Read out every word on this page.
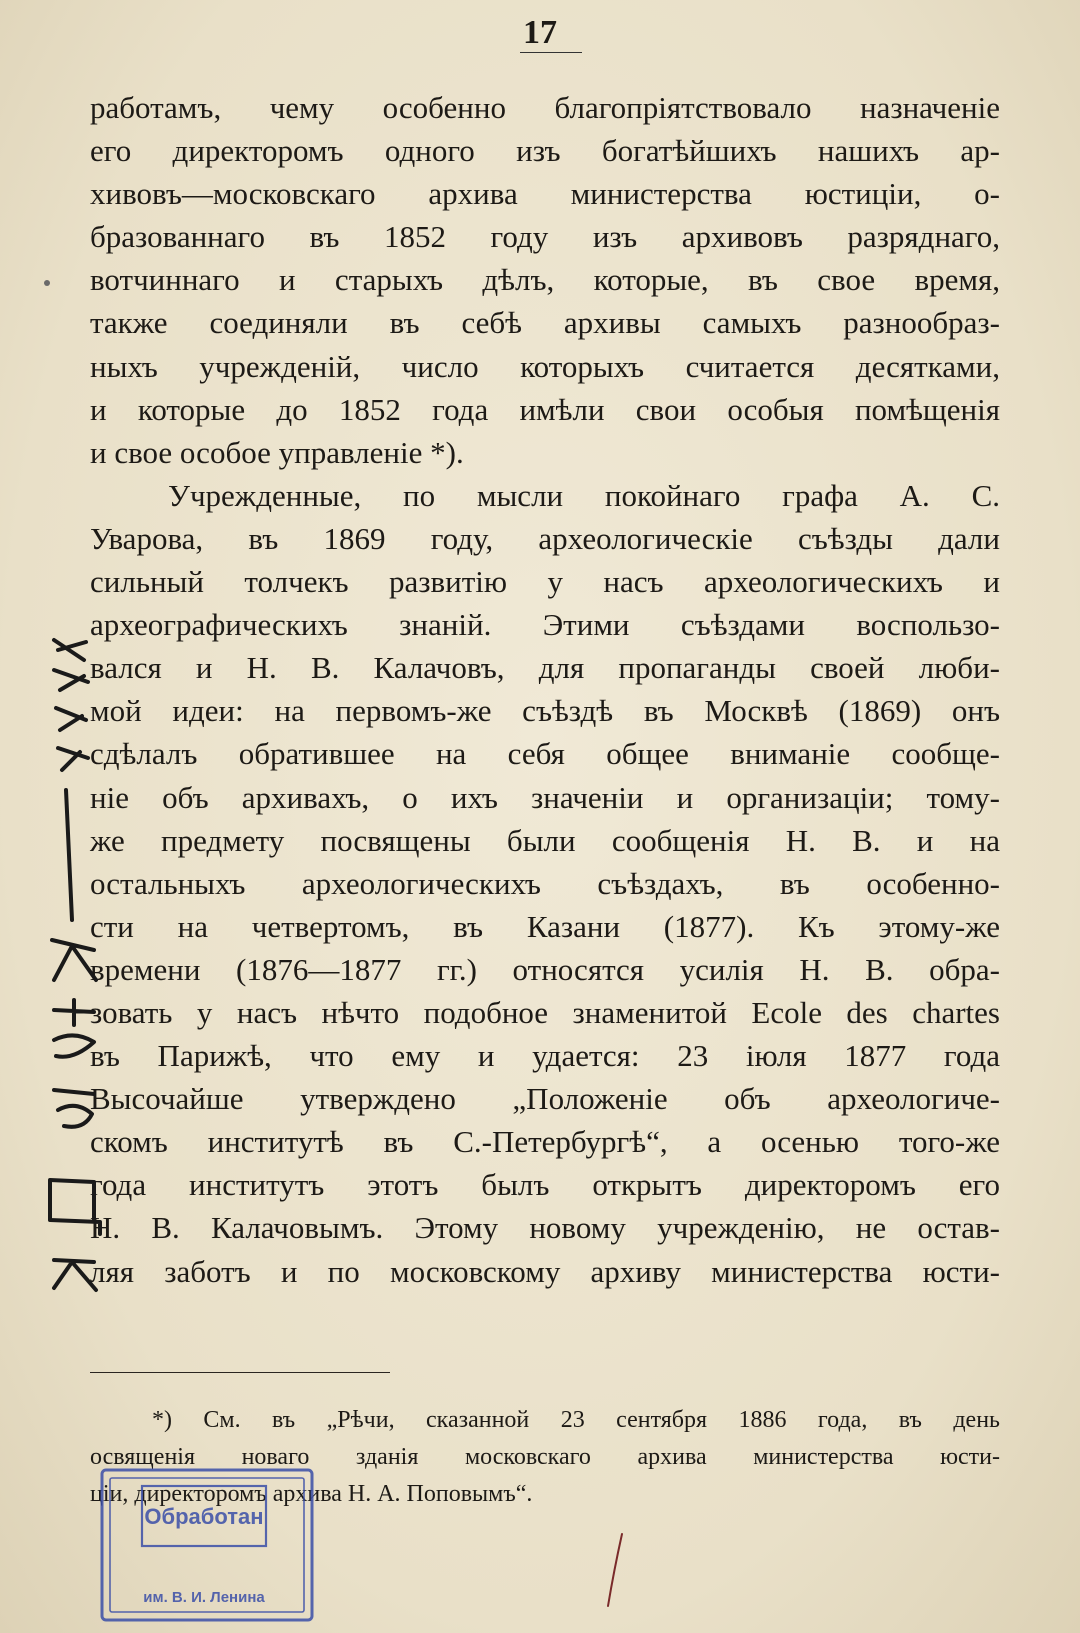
17
работамъ, чему особенно благопріятствовало назначеніе
его директоромъ одного изъ богатѣйшихъ нашихъ ар-
хивовъ—московскаго архива министерства юстиціи, о-
бразованнаго въ 1852 году изъ архивовъ разряднаго,
вотчиннаго и старыхъ дѣлъ, которые, въ свое время,
также соединяли въ себѣ архивы самыхъ разнообраз-
ныхъ учрежденій, число которыхъ считается десятками,
и которые до 1852 года имѣли свои особыя помѣщенія
и свое особое управленіе *).
Учрежденные, по мысли покойнаго графа А. С.
Уварова, въ 1869 году, археологическіе съѣзды дали
сильный толчекъ развитію у насъ археологическихъ и
археографическихъ знаній. Этими съѣздами воспользо-
вался и Н. В. Калачовъ, для пропаганды своей люби-
мой идеи: на первомъ-же съѣздѣ въ Москвѣ (1869) онъ
сдѣлалъ обратившее на себя общее вниманіе сообще-
ніе объ архивахъ, о ихъ значеніи и организаціи; тому-
же предмету посвящены были сообщенія Н. В. и на
остальныхъ археологическихъ съѣздахъ, въ особенно-
сти на четвертомъ, въ Казани (1877). Къ этому-же
времени (1876—1877 гг.) относятся усилія Н. В. обра-
зовать у насъ нѣчто подобное знаменитой Ecole des chartes
въ Парижѣ, что ему и удается: 23 іюля 1877 года
Высочайше утверждено „Положеніе объ археологиче-
скомъ институтѣ въ С.-Петербургѣ“, а осенью того-же
года институтъ этотъ былъ открытъ директоромъ его
Н. В. Калачовымъ. Этому новому учрежденію, не остав-
ляя заботъ и по московскому архиву министерства юсти-
*) См. въ „Рѣчи, сказанной 23 сентября 1886 года, въ день
освященія новаго зданія московскаго архива министерства юсти-
ціи, директоромъ архива Н. А. Поповымъ“.
Обработан
им. В. И. Ленина
